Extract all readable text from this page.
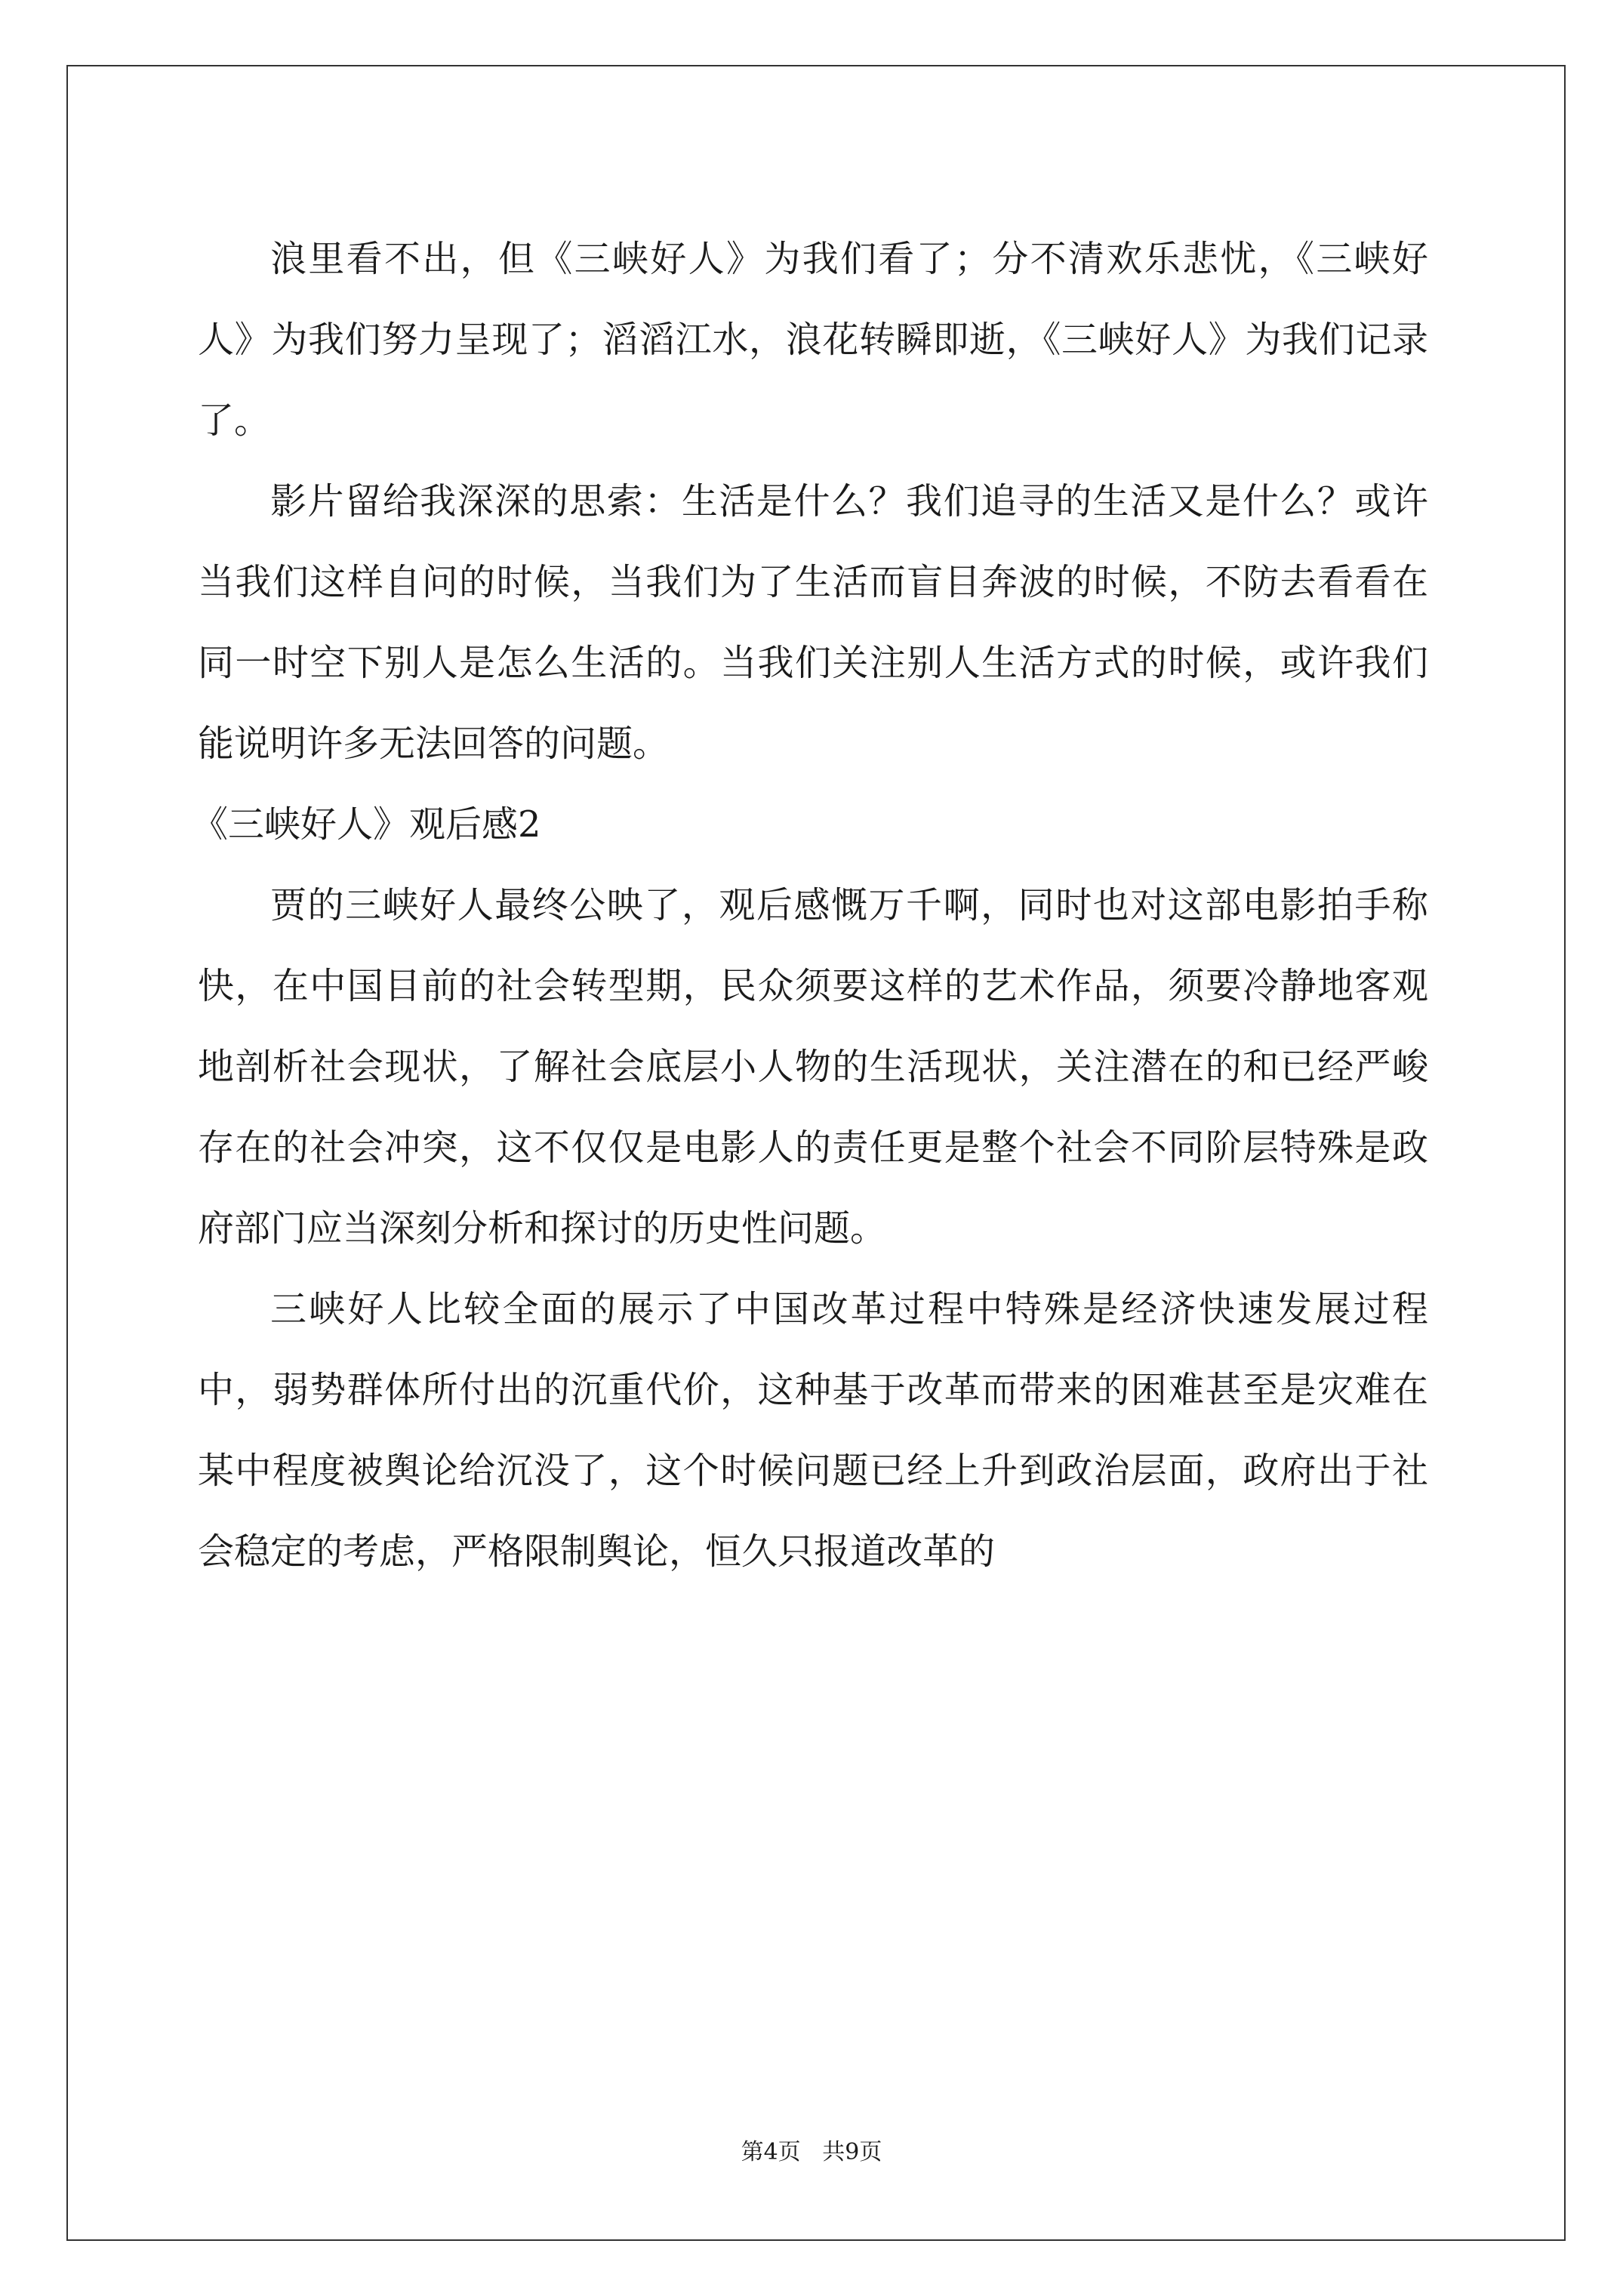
浪里看不出，但《三峡好人》为我们看了；分不清欢乐悲忧，《三峡好人》为我们努力呈现了；滔滔江水，浪花转瞬即逝，《三峡好人》为我们记录了。

影片留给我深深的思索：生活是什么？我们追寻的生活又是什么？或许当我们这样自问的时候，当我们为了生活而盲目奔波的时候，不防去看看在同一时空下别人是怎么生活的。当我们关注别人生活方式的时候，或许我们能说明许多无法回答的问题。

《三峡好人》观后感2

贾的三峡好人最终公映了，观后感慨万千啊，同时也对这部电影拍手称快，在中国目前的社会转型期，民众须要这样的艺术作品，须要冷静地客观地剖析社会现状，了解社会底层小人物的生活现状，关注潜在的和已经严峻存在的社会冲突，这不仅仅是电影人的责任更是整个社会不同阶层特殊是政府部门应当深刻分析和探讨的历史性问题。

三峡好人比较全面的展示了中国改革过程中特殊是经济快速发展过程中，弱势群体所付出的沉重代价，这种基于改革而带来的困难甚至是灾难在某中程度被舆论给沉没了，这个时候问题已经上升到政治层面，政府出于社会稳定的考虑，严格限制舆论，恒久只报道改革的

第4页   共9页
